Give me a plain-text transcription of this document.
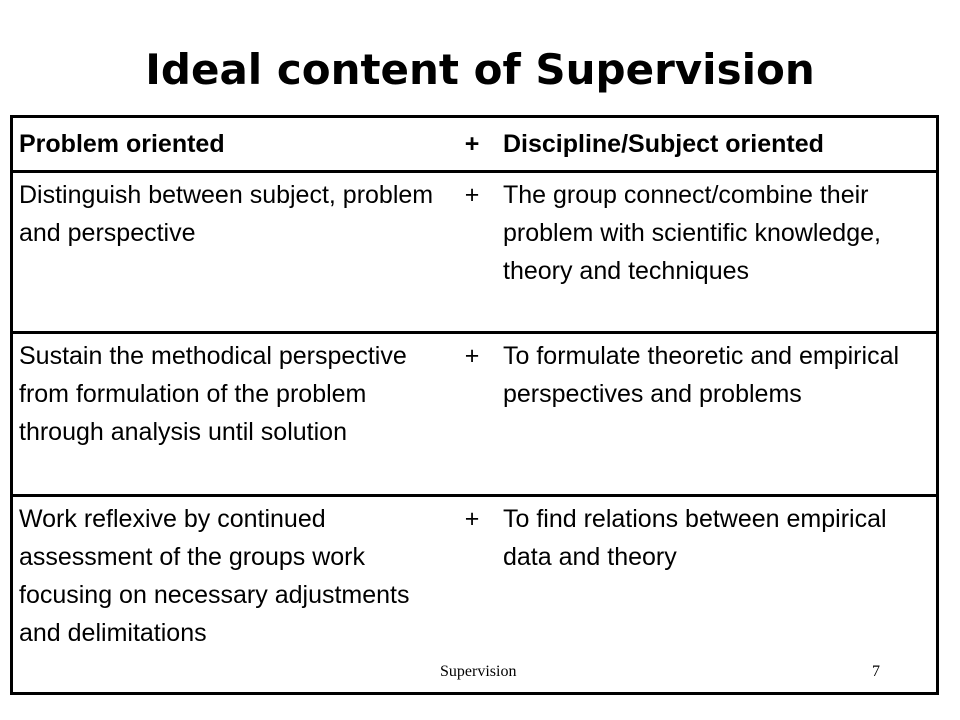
Ideal content of Supervision
Problem oriented	+ Discipline/Subject oriented
Distinguish between subject, problem and perspective
+ The group connect/combine their problem with scientific knowledge, theory and techniques
Sustain the methodical perspective from formulation of the problem through analysis until solution
+ To formulate theoretic and empirical perspectives and problems
Work reflexive by continued assessment of the groups work focusing on necessary adjustments and delimitations
+ To find relations between empirical data and theory
Supervision	7
